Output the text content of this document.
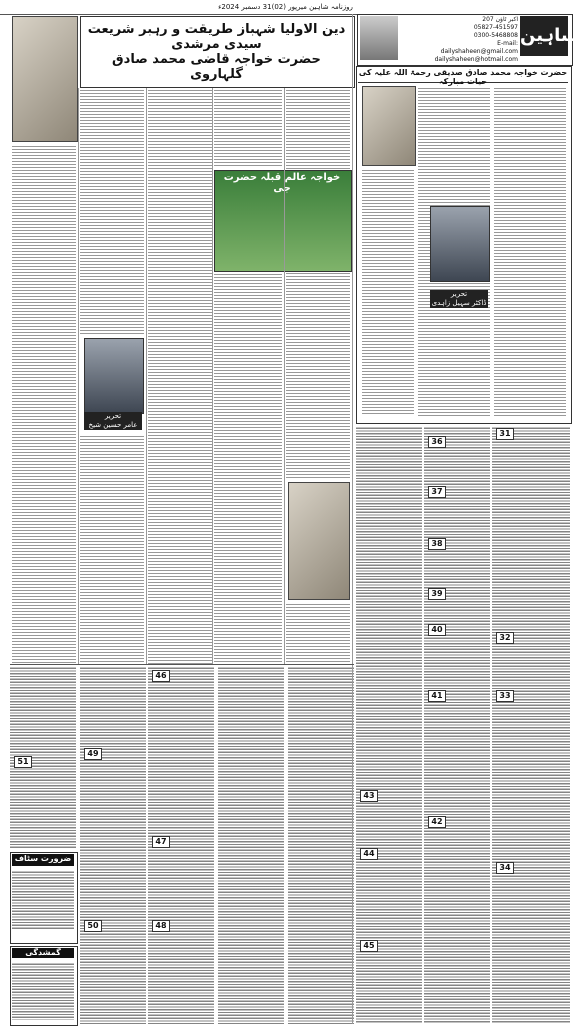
روزنامہ شاہین میرپور (02)31 دسمبر 2024ء
شاہین
اکبر ٹاؤن 207
05827-451597
0300-5468808
E-mail:
dailyshaheen@gmail.com
dailyshaheen@hotmail.com
دین الاولیا شہباز طریقت و رہبر شریعت سیدی مرشدی
حضرت خواجہ قاضی محمد صادق گلہاروی
خواجہ عالم قبلہ حضرت جی
تحریر
عامر حسین شیخ
حضرت خواجہ محمد صادق صدیقی رحمۃ اللہ علیہ کی حیات مبارکہ
تحریر
ڈاکٹر سہیل زاہدی
31
32
33
34
36
37
38
39
40
41
42
43
44
45
46
47
48
49
50
51
ضرورت سٹاف
گمشدگی
